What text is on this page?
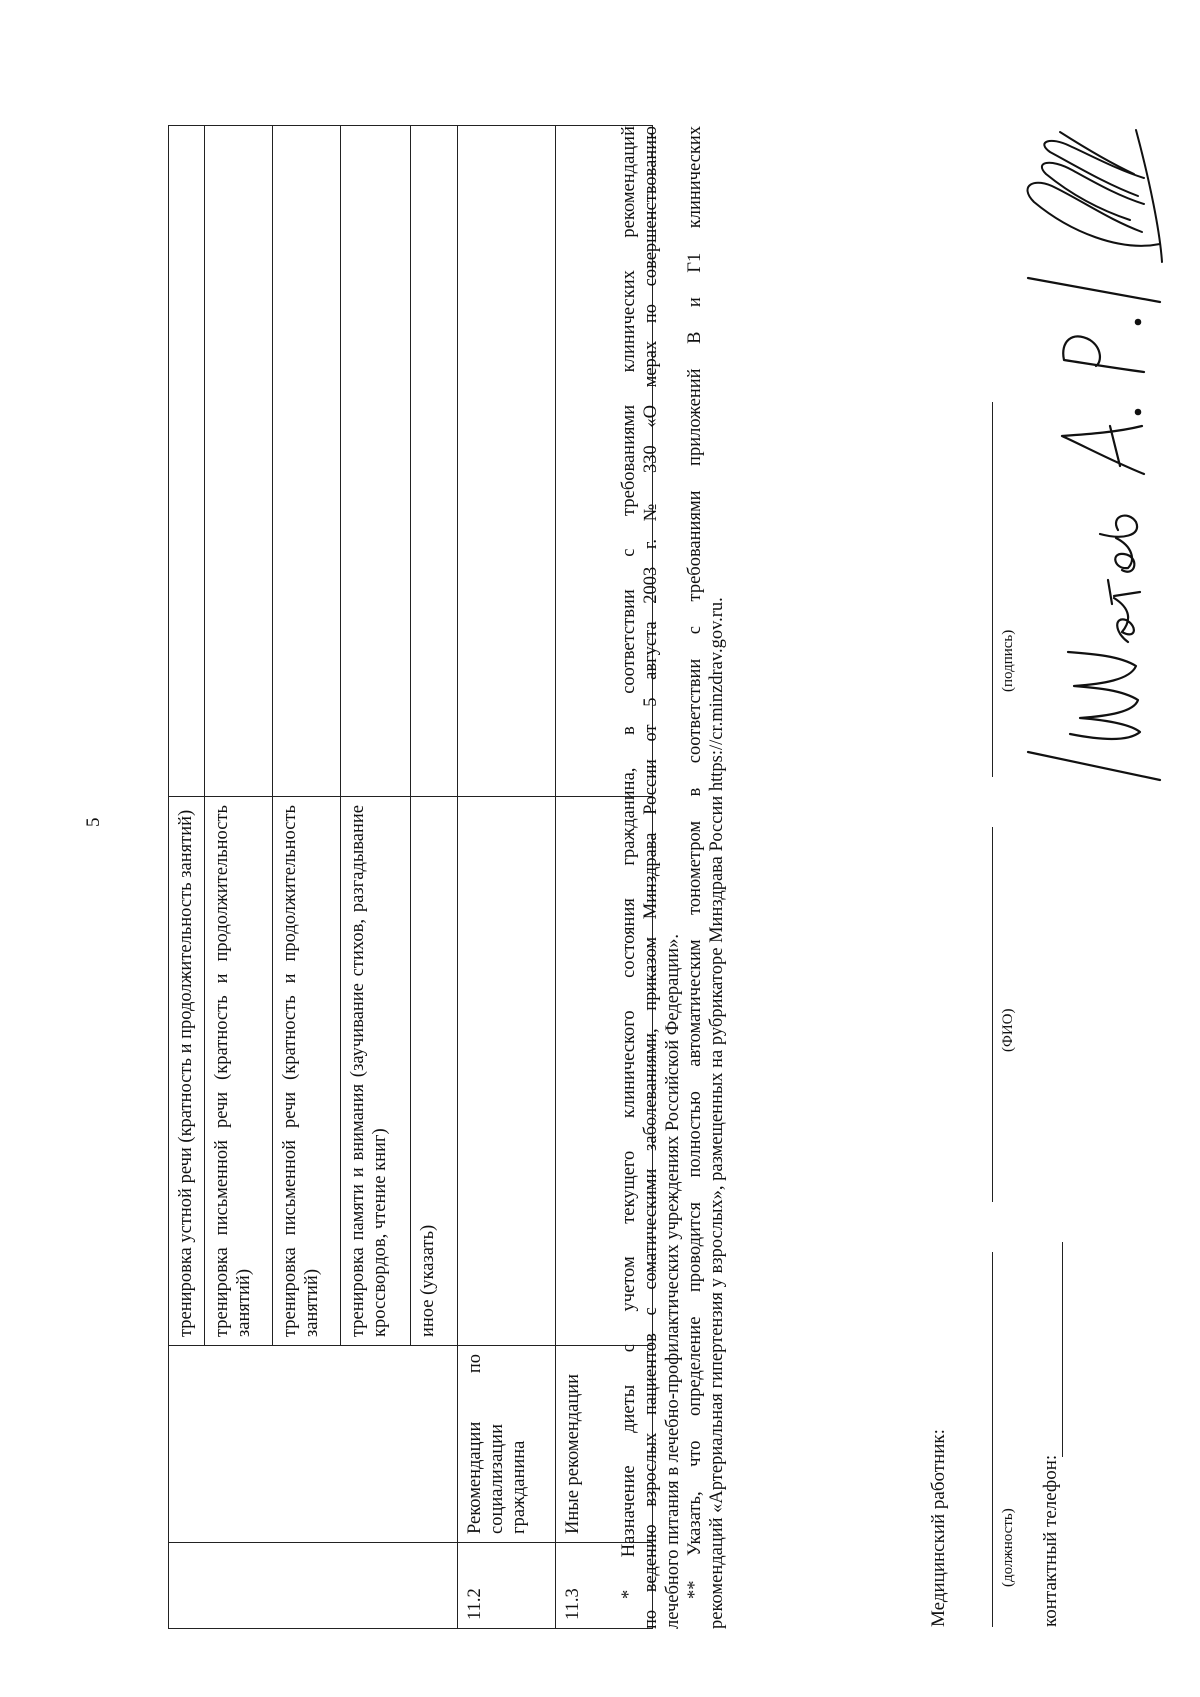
5
			тренировка устной речи (кратность и продолжительность занятий)	
		тренировка письменной речи (кратность и продолжительность занятий)	
		тренировка письменной речи (кратность и продолжительность занятий)	
		тренировка памяти и внимания (заучивание стихов, разгадывание кроссвордов, чтение книг)	
		иное (указать)	
11.2	Рекомендации по социализации гражданина		
11.3	Иные рекомендации		* Назначение диеты с учетом текущего клинического состояния гражданина, в соответствии с требованиями клинических рекомендаций по ведению взрослых пациентов с соматическими заболеваниями, приказом Минздрава России от 5 августа 2003 г. № 330 «О мерах по совершенствованию лечебного питания в лечебно-профилактических учреждениях Российской Федерации». ** Указать, что определение проводится полностью автоматическим тонометром в соответствии с требованиями приложений В и Г1 клинических рекомендаций «Артериальная гипертензия у взрослых», размещенных на рубрикаторе Минздрава России https://cr.minzdrav.gov.ru.	Медицинский работник:	(должность)
(ФИО)
(подпись)
контактный телефон:
